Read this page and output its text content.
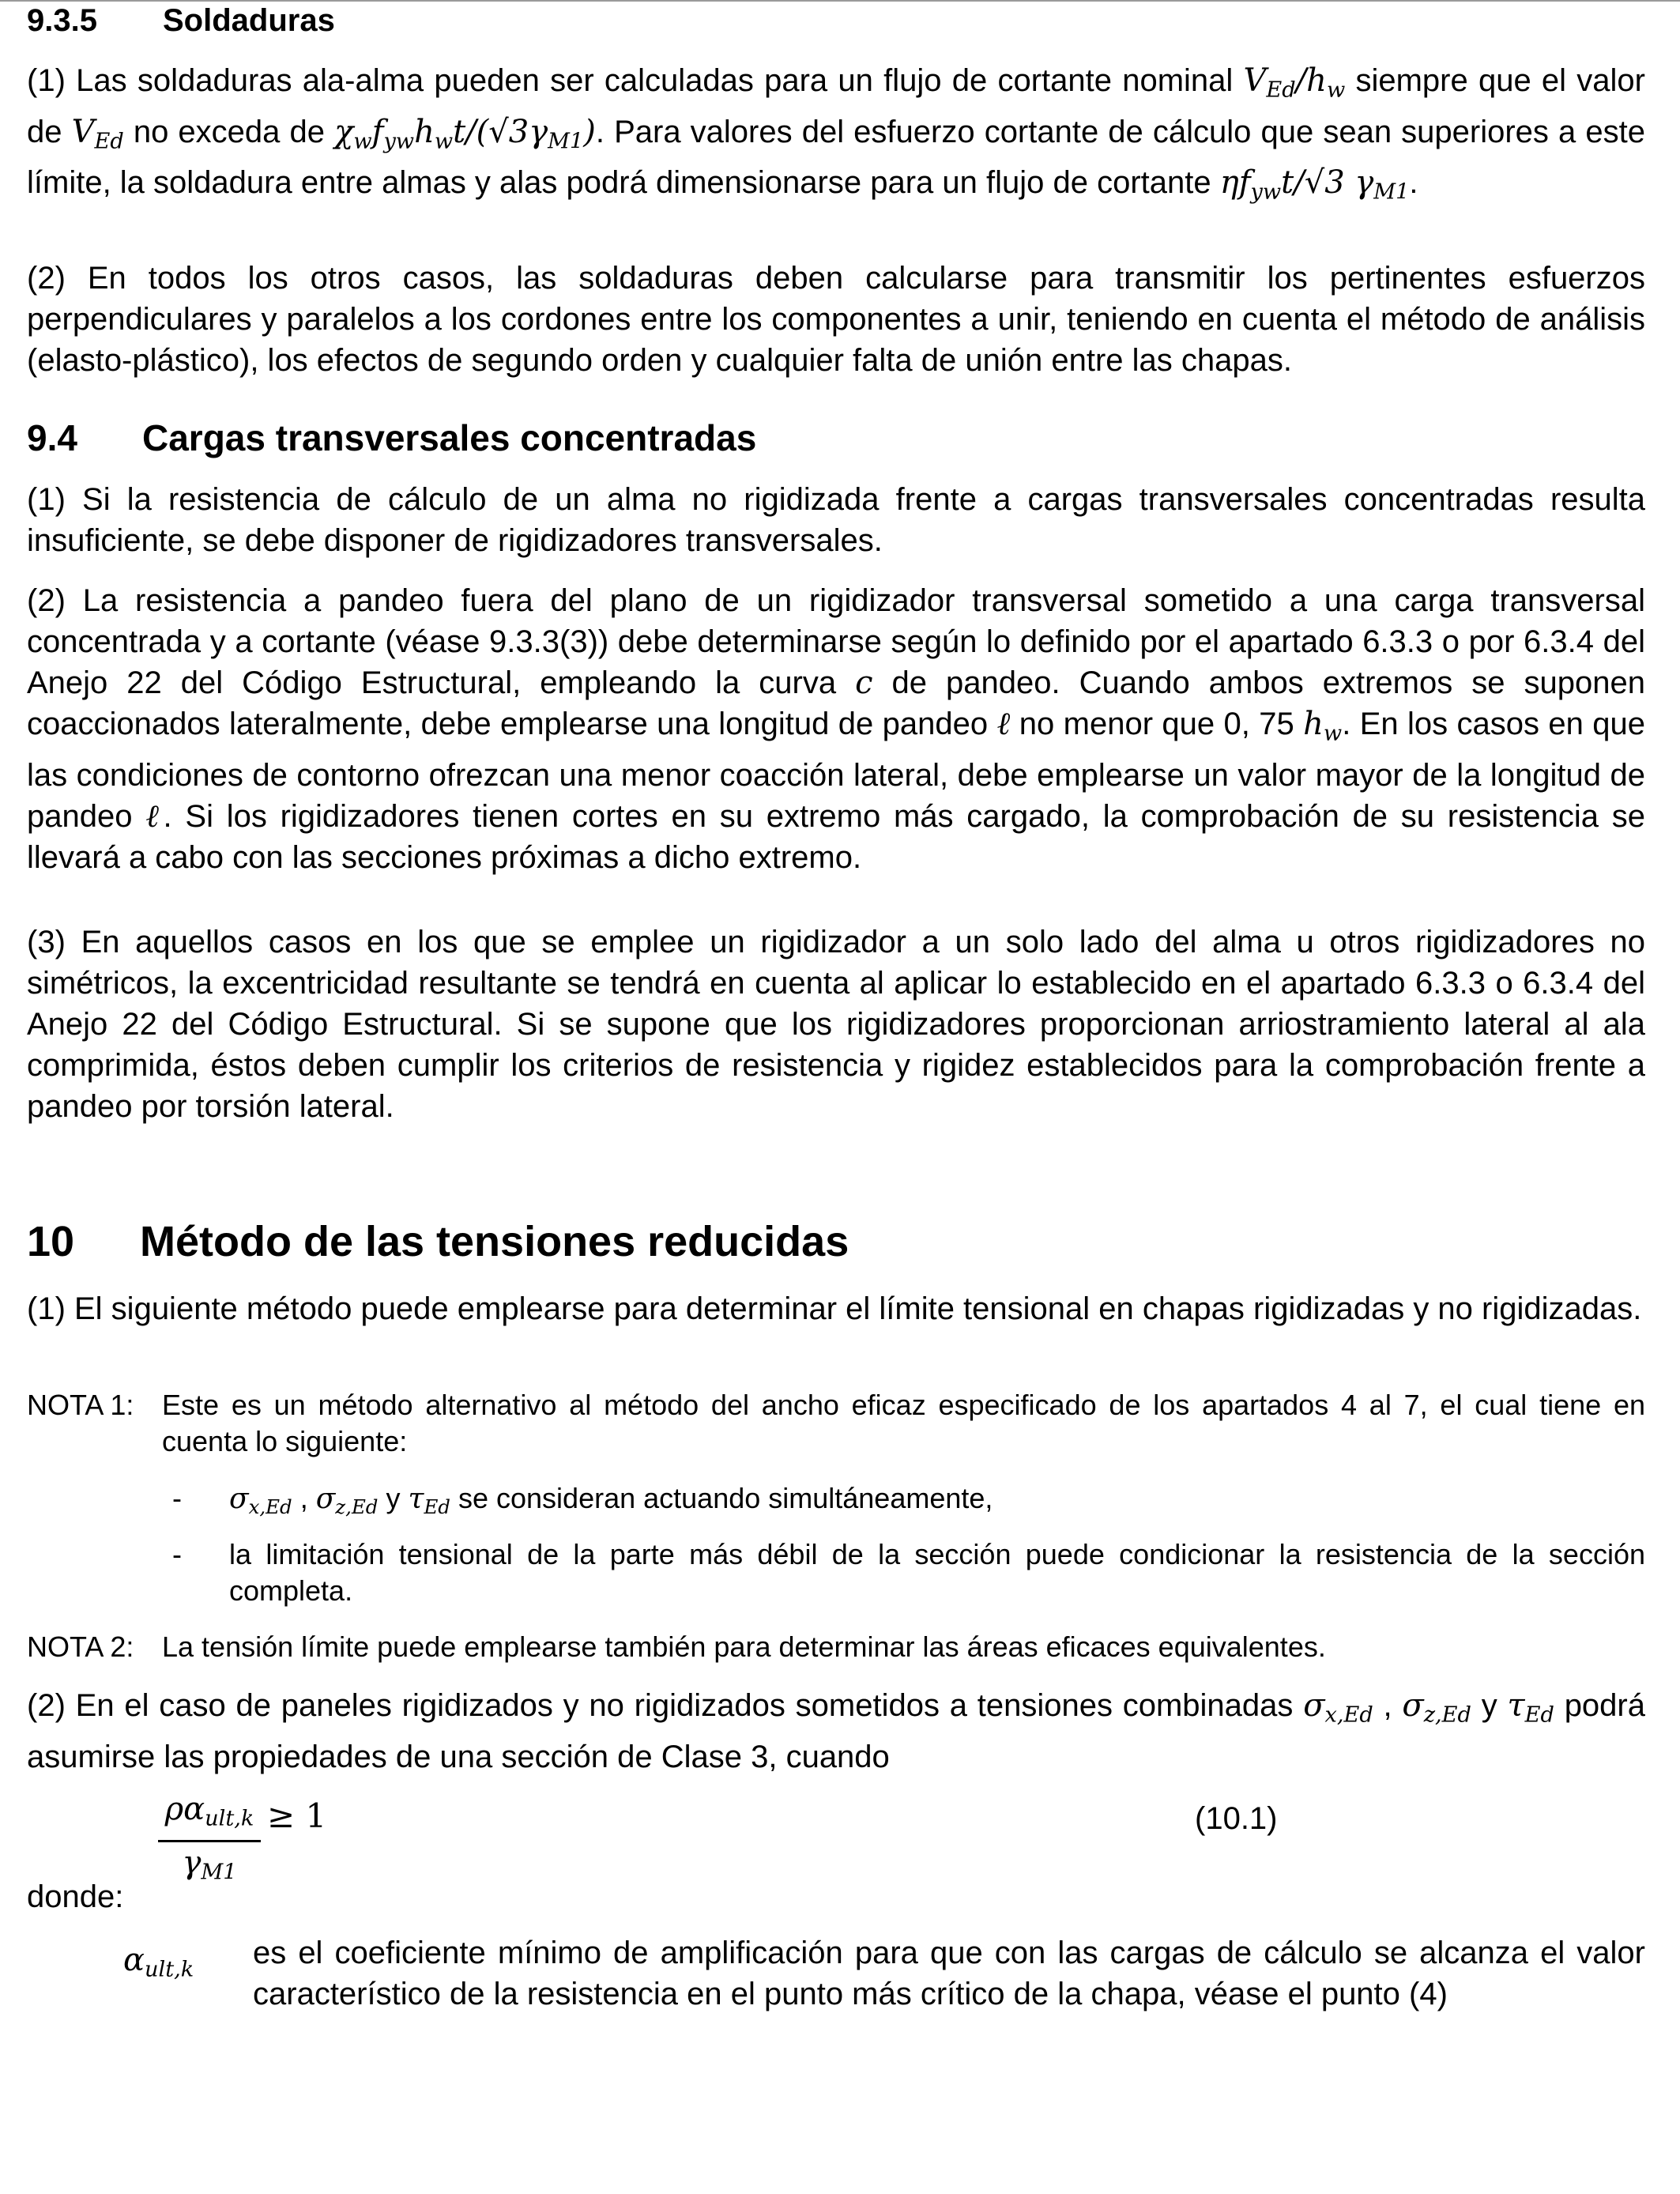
9.3.5 Soldaduras
(1) Las soldaduras ala-alma pueden ser calculadas para un flujo de cortante nominal $V_{Ed}/h_w$ siempre que el valor de $V_{Ed}$ no exceda de $\chi_wf_{yw}h_wt/(√3\gamma_{M1})$. Para valores del esfuerzo cortante de cálculo que sean superiores a este límite, la soldadura entre almas y alas podrá dimensionarse para un flujo de cortante $\eta f_{yw}t/√3$ $\gamma_{M1}$.
(2) En todos los otros casos, las soldaduras deben calcularse para transmitir los pertinentes esfuerzos perpendiculares y paralelos a los cordones entre los componentes a unir, teniendo en cuenta el método de análisis (elasto-plástico), los efectos de segundo orden y cualquier falta de unión entre las chapas.
9.4 Cargas transversales concentradas
(1) Si la resistencia de cálculo de un alma no rigidizada frente a cargas transversales concentradas resulta insuficiente, se debe disponer de rigidizadores transversales.
(2) La resistencia a pandeo fuera del plano de un rigidizador transversal sometido a una carga transversal concentrada y a cortante (véase 9.3.3(3)) debe determinarse según lo definido por el apartado 6.3.3 o por 6.3.4 del Anejo 22 del Código Estructural, empleando la curva c de pandeo. Cuando ambos extremos se suponen coaccionados lateralmente, debe emplearse una longitud de pandeo ℓ no menor que 0, 75 $h_w$. En los casos en que las condiciones de contorno ofrezcan una menor coacción lateral, debe emplearse un valor mayor de la longitud de pandeo ℓ. Si los rigidizadores tienen cortes en su extremo más cargado, la comprobación de su resistencia se llevará a cabo con las secciones próximas a dicho extremo.
(3) En aquellos casos en los que se emplee un rigidizador a un solo lado del alma u otros rigidizadores no simétricos, la excentricidad resultante se tendrá en cuenta al aplicar lo establecido en el apartado 6.3.3 o 6.3.4 del Anejo 22 del Código Estructural. Si se supone que los rigidizadores proporcionan arriostramiento lateral al ala comprimida, éstos deben cumplir los criterios de resistencia y rigidez establecidos para la comprobación frente a pandeo por torsión lateral.
10 Método de las tensiones reducidas
(1) El siguiente método puede emplearse para determinar el límite tensional en chapas rigidizadas y no rigidizadas.
NOTA 1: Este es un método alternativo al método del ancho eficaz especificado de los apartados 4 al 7, el cual tiene en cuenta lo siguiente:
- $\sigma_{x,Ed}$ , $\sigma_{z,Ed}$ y $\tau_{Ed}$ se consideran actuando simultáneamente,
- la limitación tensional de la parte más débil de la sección puede condicionar la resistencia de la sección completa.
NOTA 2: La tensión límite puede emplearse también para determinar las áreas eficaces equivalentes.
(2) En el caso de paneles rigidizados y no rigidizados sometidos a tensiones combinadas $\sigma_{x,Ed}$ , $\sigma_{z,Ed}$ y $\tau_{Ed}$ podrá asumirse las propiedades de una sección de Clase 3, cuando
$\rho\alpha_{ult,k}$
$\gamma_{M1}$
≥ 1	(10.1)
donde:
$\alpha_{ult,k}$ es el coeficiente mínimo de amplificación para que con las cargas de cálculo se alcanza el valor característico de la resistencia en el punto más crítico de la chapa, véase el punto (4)
